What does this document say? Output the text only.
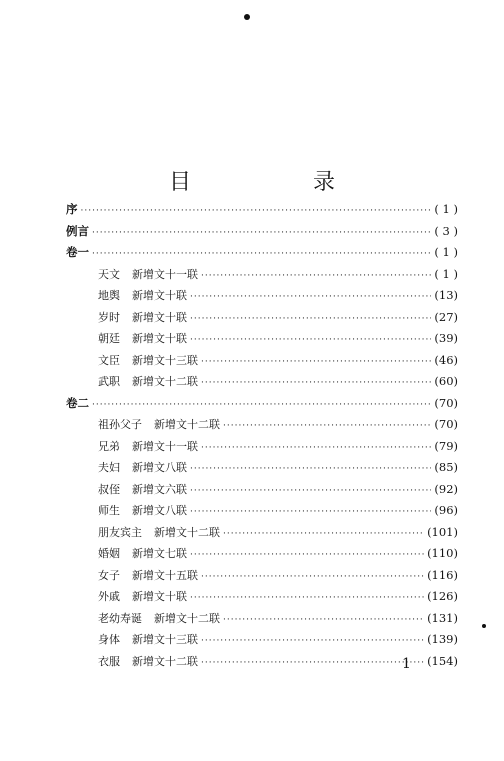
目　录
序 ·····	( 1 )
例言 ·····	( 3 )
卷一 ·····	( 1 )
天文 新增文十一联 ·····	( 1 )
地舆 新增文十联 ·····	(13)
岁时 新增文十联 ·····	(27)
朝廷 新增文十联 ·····	(39)
文臣 新增文十三联 ·····	(46)
武职 新增文十二联 ·····	(60)
卷二 ·····	(70)
祖孙父子 新增文十二联 ·····	(70)
兄弟 新增文十一联 ·····	(79)
夫妇 新增文八联 ·····	(85)
叔侄 新增文六联 ·····	(92)
师生 新增文八联 ·····	(96)
朋友宾主 新增文十二联 ·····	(101)
婚姻 新增文七联 ·····	(110)
女子 新增文十五联 ·····	(116)
外戚 新增文十联 ·····	(126)
老幼寿诞 新增文十二联 ·····	(131)
身体 新增文十三联 ·····	(139)
衣服 新增文十二联 ·····	(154)
1
